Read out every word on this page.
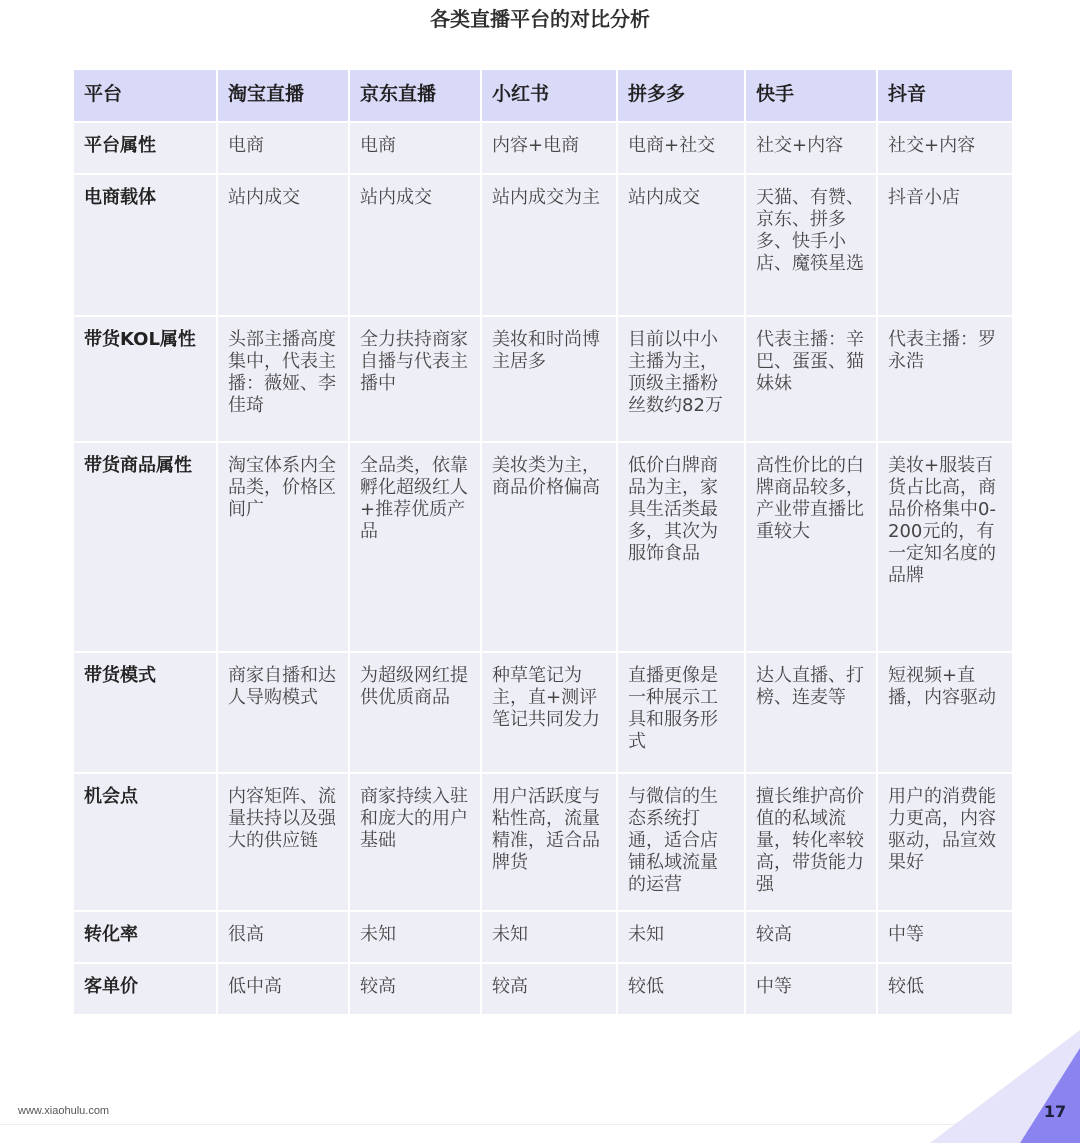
各类直播平台的对比分析
平台	淘宝直播	京东直播	小红书	拼多多	快手	抖音
平台属性	电商	电商	内容+电商	电商+社交	社交+内容	社交+内容
电商载体	站内成交	站内成交	站内成交为主	站内成交	天猫、有赞、京东、拼多多、快手小店、魔筷星选	抖音小店
带货KOL属性	头部主播高度集中，代表主播：薇娅、李佳琦	全力扶持商家自播与代表主播中	美妆和时尚博主居多	目前以中小主播为主，顶级主播粉丝数约82万	代表主播：辛巴、蛋蛋、猫妹妹	代表主播：罗永浩
带货商品属性	淘宝体系内全品类，价格区间广	全品类，依靠孵化超级红人+推荐优质产品	美妆类为主，商品价格偏高	低价白牌商品为主，家具生活类最多，其次为服饰食品	高性价比的白牌商品较多，产业带直播比重较大	美妆+服装百货占比高，商品价格集中0-200元的，有一定知名度的品牌
带货模式	商家自播和达人导购模式	为超级网红提供优质商品	种草笔记为主，直+测评笔记共同发力	直播更像是一种展示工具和服务形式	达人直播、打榜、连麦等	短视频+直播，内容驱动
机会点	内容矩阵、流量扶持以及强大的供应链	商家持续入驻和庞大的用户基础	用户活跃度与粘性高，流量精准，适合品牌货	与微信的生态系统打通，适合店铺私域流量的运营	擅长维护高价值的私域流量，转化率较高，带货能力强	用户的消费能力更高，内容驱动，品宣效果好
转化率	很高	未知	未知	未知	较高	中等
客单价	低中高	较高	较高	较低	中等	较低
www.xiaohulu.com	17
